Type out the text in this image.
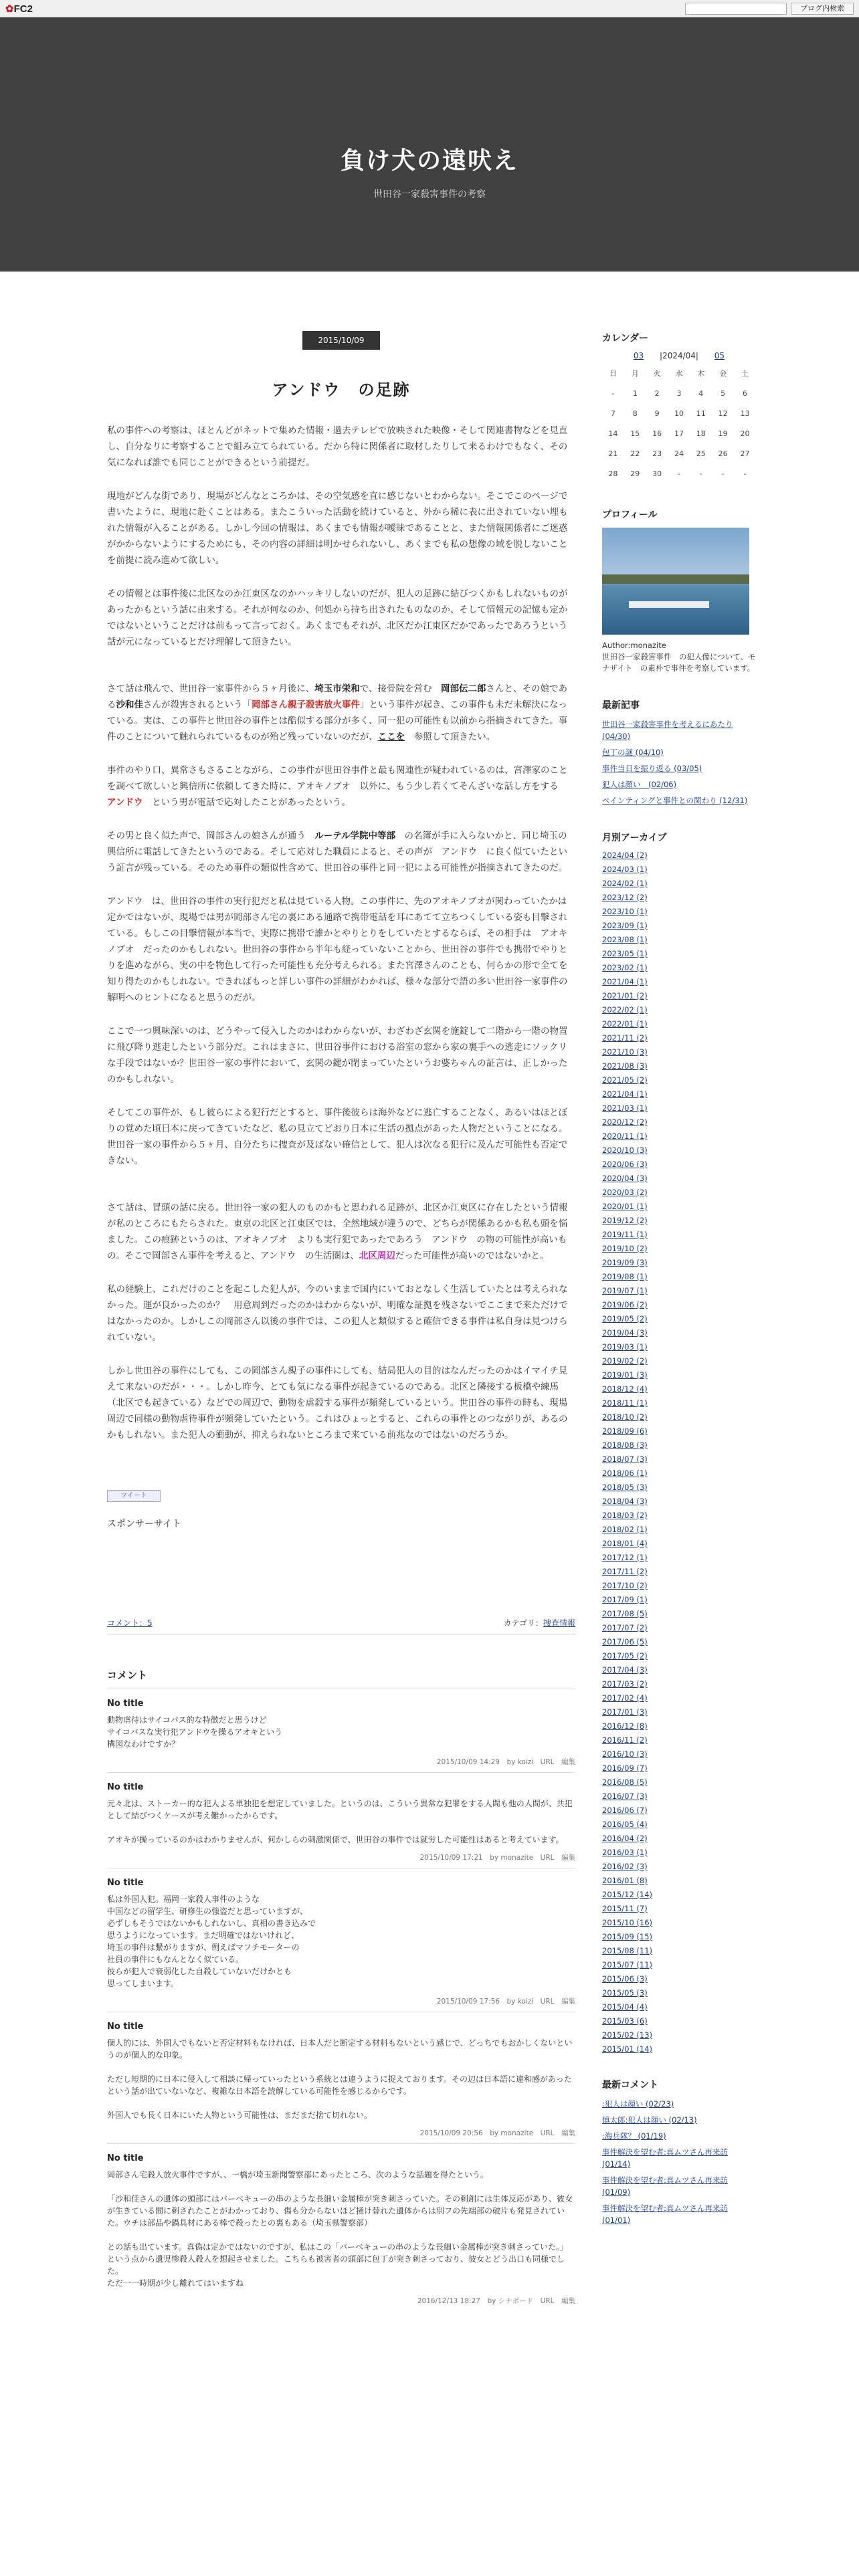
✿FC2	ブログ内検索
負け犬の遠吠え
世田谷一家殺害事件の考察
2015/10/09
アンドウ　の足跡

私の事件への考察は、ほとんどがネットで集めた情報・過去テレビで放映された映像・そして関連書物などを見直し、自分なりに考察することで組み立てられている。だから特に関係者に取材したりして来るわけでもなく、その気になれば誰でも同じことができるという前提だ。

現地がどんな街であり、現場がどんなところかは、その空気感を直に感じないとわからない。そこでこのページで書いたように、現地に赴くことはある。またこういった活動を続けていると、外から稀に表に出されていない埋もれた情報が入ることがある。しかし今回の情報は、あくまでも情報が曖昧であることと、また情報関係者にご迷惑がかからないようにするためにも、その内容の詳細は明かせられないし、あくまでも私の想像の域を脱しないことを前提に読み進めて欲しい。

その情報とは事件後に北区なのか江東区なのかハッキリしないのだが、犯人の足跡に結びつくかもしれないものがあったかもという話に由来する。それが何なのか、何処から持ち出されたものなのか、そして情報元の記憶も定かではないということだけは前もって言っておく。あくまでもそれが、北区だか江東区だかであったであろうという話が元になっているとだけ理解して頂きたい。

さて話は飛んで、世田谷一家事件から５ヶ月後に、埼玉市栄和で、接骨院を営む　岡部伝二郎さんと、その娘である沙和佳さんが殺害されるという「岡部さん親子殺害放火事件」という事件が起き、この事件も未だ未解決になっている。実は、この事件と世田谷の事件とは酷似する部分が多く、同一犯の可能性も以前から指摘されてきた。事件のことについて触れられているものが殆ど残っていないのだが、ここを　参照して頂きたい。

事件のやり口、異常さもさることながら、この事件が世田谷事件と最も関連性が疑われているのは、宮澤家のことを調べて欲しいと興信所に依頼してきた時に、アオキノブオ　以外に、もう少し若くてそんざいな話し方をする　アンドウ　という男が電話で応対したことがあったという。

その男と良く似た声で、岡部さんの娘さんが通う　ルーテル学院中等部　の名簿が手に入らないかと、同じ埼玉の興信所に電話してきたというのである。そして応対した職員によると、その声が　アンドウ　に良く似ていたという証言が残っている。そのため事件の類似性含めて、世田谷の事件と同一犯による可能性が指摘されてきたのだ。

アンドウ　は、世田谷の事件の実行犯だと私は見ている人物。この事件に、先のアオキノブオが関わっていたかは定かではないが、現場では男が岡部さん宅の裏にある通路で携帯電話を耳にあてて立ちつくしている姿も目撃されている。もしこの目撃情報が本当で、実際に携帯で誰かとやりとりをしていたとするならば、その相手は　アオキノブオ　だったのかもしれない。世田谷の事件から半年も経っていないことから、世田谷の事件でも携帯でやりとりを進めながら、実の中を物色して行った可能性も充分考えられる。また宮澤さんのことも、何らかの形で全てを知り得たのかもしれない。できればもっと詳しい事件の詳細がわかれば、様々な部分で語の多い世田谷一家事件の解明へのヒントになると思うのだが。

ここで一つ興味深いのは、どうやって侵入したのかはわからないが、わざわざ玄関を施錠して二階から一階の物置に飛び降り逃走したという部分だ。これはまさに、世田谷事件における浴室の窓から家の裏手への逃走にソックリな手段ではないか？世田谷一家の事件において、玄関の鍵が閉まっていたというお婆ちゃんの証言は、正しかったのかもしれない。

そしてこの事件が、もし彼らによる犯行だとすると、事件後彼らは海外などに逃亡することなく、あるいはほとぼりの覚めた頃日本に戻ってきていたなど、私の見立てどおり日本に生活の拠点があった人物だということになる。世田谷一家の事件から５ヶ月、自分たちに捜査が及ばない確信として、犯人は次なる犯行に及んだ可能性も否定できない。

さて話は、冒頭の話に戻る。世田谷一家の犯人のものかもと思われる足跡が、北区か江東区に存在したという情報が私のところにもたらされた。東京の北区と江東区では、全然地域が違うので、どちらが関係あるかも私も頭を悩ました。この痕跡というのは、アオキノブオ　よりも実行犯であったであろう　アンドウ　の物の可能性が高いもの。そこで岡部さん事件を考えると、アンドウ　の生活圏は、北区周辺だった可能性が高いのではないかと。

私の経験上、これだけのことを起こした犯人が、今のいままで国内にいておとなしく生活していたとは考えられなかった。運が良かったのか？　用意周到だったのかはわからないが、明確な証拠を残さないでここまで来ただけではなかったのか。しかしこの岡部さん以後の事件では、この犯人と類似すると確信できる事件は私自身は見つけられていない。

しかし世田谷の事件にしても、この岡部さん親子の事件にしても、結局犯人の目的はなんだったのかはイマイチ見えて来ないのだが・・・。しかし昨今、とても気になる事件が起きているのである。北区と隣接する板橋や練馬（北区でも起きている）などでの周辺で、動物を虐殺する事件が頻発しているという。世田谷の事件の時も、現場周辺で同様の動物虐待事件が頻発していたという。これはひょっとすると、これらの事件とのつながりが、あるのかもしれない。また犯人の衝動が、抑えられないところまで来ている前兆なのではないのだろうか。

ツイート
スポンサーサイト
コメント：5	カテゴリ：捜査情報
コメント
No title
動物虐待はサイコパス的な特徴だと思うけど
サイコパスな実行犯アンドウを操るアオキという
構図なわけですか？
2015/10/09 14:29　by koizi　URL　編集
No title
元々北は、ストーカー的な犯人よる単独犯を想定していました。というのは、こういう異常な犯罪をする人間も他の人間が、共犯として結びつくケースが考え難かったからです。

アオキが操っているのかはわかりませんが、何かしらの刺激関係で、世田谷の事件では就労した可能性はあると考えています。
2015/10/09 17:21　by monazite　URL　編集
No title
私は外国人犯。福岡一家殺人事件のような
中国などの留学生、研修生の強盗だと思っていますが、
必ずしもそうではないかもしれないし、真相の書き込みで
思うようになっています。まだ明確ではないけれど、
埼玉の事件は繋がりますが、例えばマフチモーターの
社員の事件にもなんとなく似ている。
彼らが犯人で衰弱化した自殺していないだけかとも
思ってしまいます。
2015/10/09 17:56　by koizi　URL　編集
No title
個人的には、外国人でもないと否定材料もなければ、日本人だと断定する材料もないという感じで、どっちでもおかしくないというのが個人的な印象。

ただし短期的に日本に侵入して相談に帰っていったという系統とは違うように捉えております。その辺は日本語に違和感があったという話が出ていないなど、複雑な日本語を読解している可能性を感じるからです。

外国人でも長く日本にいた人物という可能性は、まだまだ捨て切れない。
2015/10/09 20:56　by monazite　URL　編集
No title
岡部さん宅殺人放火事件ですが、、一橋が埼玉新聞警察部にあったところ、次のような話題を得たという。

「沙和佳さんの遺体の頭部にはバーベキューの串のような長細い金属棒が突き刺さっていた。その刺創には生体反応があり、彼女が生きている間に刺されたことがわかっており、傷も分からないほど掻け替れた遺体からは別フの先端部の破片も発見されていた。ウチは部品や鍋具材にある棒で殺ったとの裏もある（埼玉県警察部）

との話も出ています。真偽は定かではないのですが、私はこの「バーベキューの串のような長細い金属棒が突き刺さっていた。」という点から遺児惨殺人殺人を想起させました。こちらも被害者の頭部に包丁が突き刺さっており、彼女とどう出口も同様でした。
ただ一一時期が少し離れてはいますね
2016/12/13 18:27　by シナボード　URL　編集
カレンダー
03 |2024/04| 05
日	月	火	水	木	金	土
-	1	2	3	4	5	6
7	8	9	10	11	12	13
14	15	16	17	18	19	20
21	22	23	24	25	26	27
28	29	30	-	-	-	-
プロフィール
Author:monazite
世田谷一家殺害事件　の犯人像について、モナザイト　の素朴で事件を考察しています。
最新記事
世田谷一家殺害事件を考えるにあたり (04/30)
包丁の謎 (04/10)
事件当日を振り返る (03/05)
犯人は顔い　(02/06)
ペインティングと事件との関わり (12/31)
月別アーカイブ
2024/04 (2)
2024/03 (1)
2024/02 (1)
2023/12 (2)
2023/10 (1)
2023/09 (1)
2023/08 (1)
2023/05 (1)
2023/02 (1)
2021/04 (1)
2021/01 (2)
2022/02 (1)
2022/01 (1)
2021/11 (2)
2021/10 (3)
2021/08 (3)
2021/05 (2)
2021/04 (1)
2021/03 (1)
2020/12 (2)
2020/11 (1)
2020/10 (3)
2020/06 (3)
2020/04 (3)
2020/03 (2)
2020/01 (1)
2019/12 (2)
2019/11 (1)
2019/10 (2)
2019/09 (3)
2019/08 (1)
2019/07 (1)
2019/06 (2)
2019/05 (2)
2019/04 (3)
2019/03 (1)
2019/02 (2)
2019/01 (3)
2018/12 (4)
2018/11 (1)
2018/10 (2)
2018/09 (6)
2018/08 (3)
2018/07 (3)
2018/06 (1)
2018/05 (3)
2018/04 (3)
2018/03 (2)
2018/02 (1)
2018/01 (4)
2017/12 (1)
2017/11 (2)
2017/10 (2)
2017/09 (1)
2017/08 (5)
2017/07 (2)
2017/06 (5)
2017/05 (2)
2017/04 (3)
2017/03 (2)
2017/02 (4)
2017/01 (3)
2016/12 (8)
2016/11 (2)
2016/10 (3)
2016/09 (7)
2016/08 (5)
2016/07 (3)
2016/06 (7)
2016/05 (4)
2016/04 (2)
2016/03 (1)
2016/02 (3)
2016/01 (8)
2015/12 (14)
2015/11 (7)
2015/10 (16)
2015/09 (15)
2015/08 (11)
2015/07 (11)
2015/06 (3)
2015/05 (3)
2015/04 (4)
2015/03 (6)
2015/02 (13)
2015/01 (14)
最新コメント
:犯人は顔い (02/23)
慎太郎:犯人は顔い (02/13)
:海兵隊？ (01/19)
事件解決を望む者:真ムツさん再来訪 (01/14)
事件解決を望む者:真ムツさん再来訪 (01/09)
事件解決を望む者:真ムツさん再来訪 (01/01)
